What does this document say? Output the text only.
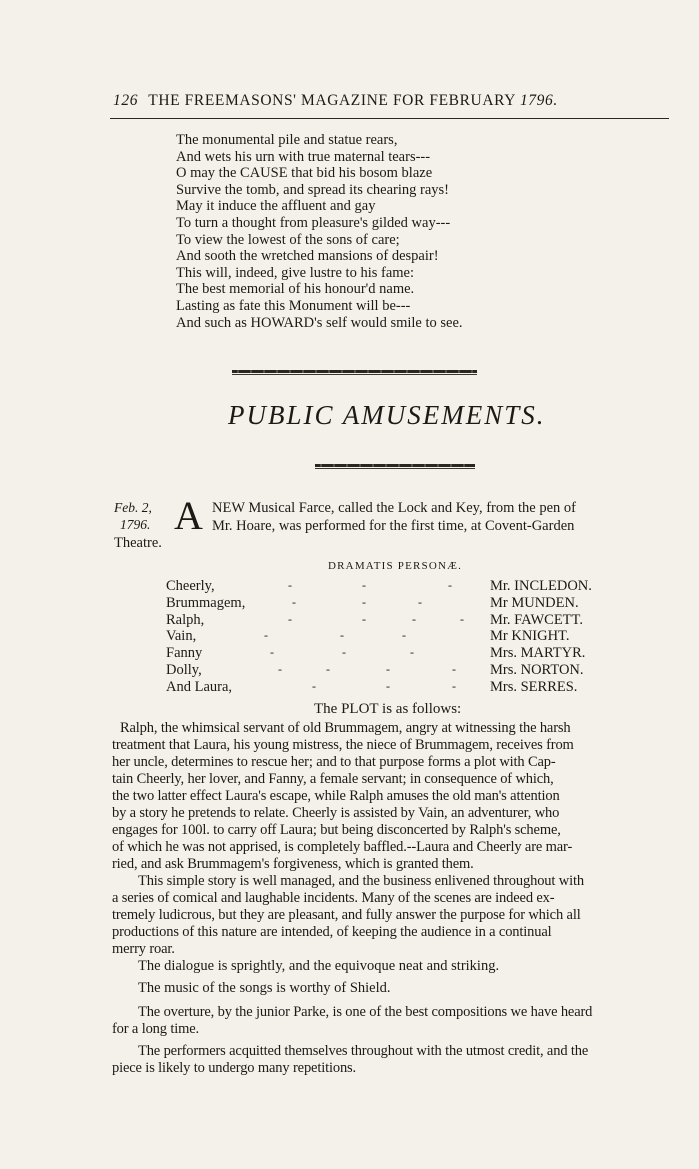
126 THE FREEMASONS' MAGAZINE FOR FEBRUARY 1796.
The monumental pile and statue rears,
And wets his urn with true maternal tears---
O may the CAUSE that bid his bosom blaze
Survive the tomb, and spread its chearing rays!
May it induce the affluent and gay
To turn a thought from pleasure's gilded way---
To view the lowest of the sons of care;
And sooth the wretched mansions of despair!
This will, indeed, give lustre to his fame:
The best memorial of his honour'd name.
Lasting as fate this Monument will be---
And such as HOWARD's self would smile to see.
PUBLIC AMUSEMENTS.
Feb. 2,
1796. A NEW Musical Farce, called the Lock and Key, from the pen of
Mr. Hoare, was performed for the first time, at Covent-Garden
Theatre.
DRAMATIS PERSONÆ.
Cheerly,	-	-	-	Mr. INCLEDON.
Brummagem,	-	-	-	Mr MUNDEN.
Ralph,	-	-	-	- Mr. FAWCETT.
Vain,	-	-	-	Mr KNIGHT.
Fanny	-	-	-	Mrs. MARTYR.
Dolly,	-	-	-	- Mrs. NORTON.
And Laura,	-	-	- Mrs. SERRES.
The PLOT is as follows:
Ralph, the whimsical servant of old Brummagem, angry at witnessing the harsh
treatment that Laura, his young mistress, the niece of Brummagem, receives from
her uncle, determines to rescue her; and to that purpose forms a plot with Cap-
tain Cheerly, her lover, and Fanny, a female servant; in consequence of which,
the two latter effect Laura's escape, while Ralph amuses the old man's attention
by a story he pretends to relate. Cheerly is assisted by Vain, an adventurer, who
engages for 100l. to carry off Laura; but being disconcerted by Ralph's scheme,
of which he was not apprised, is completely baffled.--Laura and Cheerly are mar-
ried, and ask Brummagem's forgiveness, which is granted them.
This simple story is well managed, and the business enlivened throughout with
a series of comical and laughable incidents. Many of the scenes are indeed ex-
tremely ludicrous, but they are pleasant, and fully answer the purpose for which all
productions of this nature are intended, of keeping the audience in a continual
merry roar.
The dialogue is sprightly, and the equivoque neat and striking.
The music of the songs is worthy of Shield.
The overture, by the junior Parke, is one of the best compositions we have heard
for a long time.
The performers acquitted themselves throughout with the utmost credit, and the
piece is likely to undergo many repetitions.
